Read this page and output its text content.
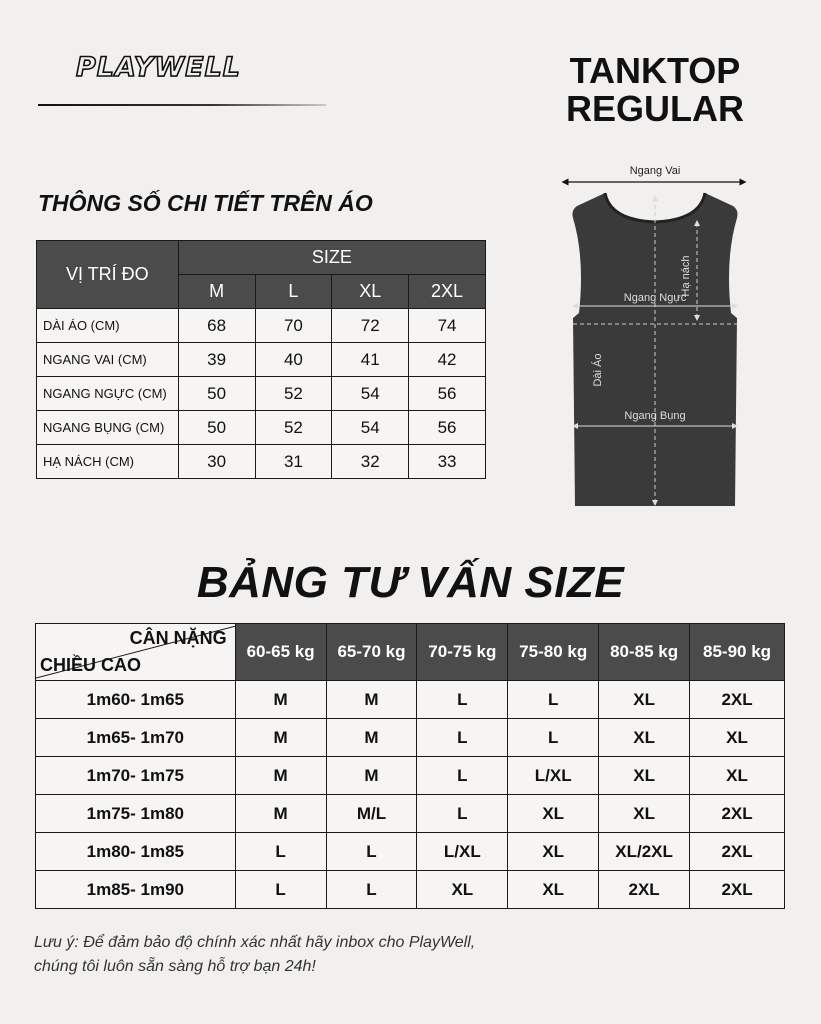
PLAYWELL	TANKTOP
REGULAR
THÔNG SỐ CHI TIẾT TRÊN ÁO
VỊ TRÍ ĐO	SIZE			
	M	L	XL	2XL
DÀI ÁO (CM)	68	70	72	74
NGANG VAI (CM)	39	40	41	42
NGANG NGỰC (CM)	50	52	54	56
NGANG BỤNG (CM)	50	52	54	56
HẠ NÁCH (CM)	30	31	32	33
Ngang Vai
Hạ nách
Ngang Ngực
Dài Áo
Ngang Bụng
BẢNG TƯ VẤN SIZE
CÂN NẶNG
CHIỀU CAO	60-65 kg	65-70 kg	70-75 kg	75-80 kg	80-85 kg	85-90 kg
1m60- 1m65	M	M	L	L	XL	2XL
1m65- 1m70	M	M	L	L	XL	XL
1m70- 1m75	M	M	L	L/XL	XL	XL
1m75- 1m80	M	M/L	L	XL	XL	2XL
1m80- 1m85	L	L	L/XL	XL	XL/2XL	2XL
1m85- 1m90	L	L	XL	XL	2XL	2XL
Lưu ý: Để đảm bảo độ chính xác nhất hãy inbox cho PlayWell,
chúng tôi luôn sẵn sàng hỗ trợ bạn 24h!
